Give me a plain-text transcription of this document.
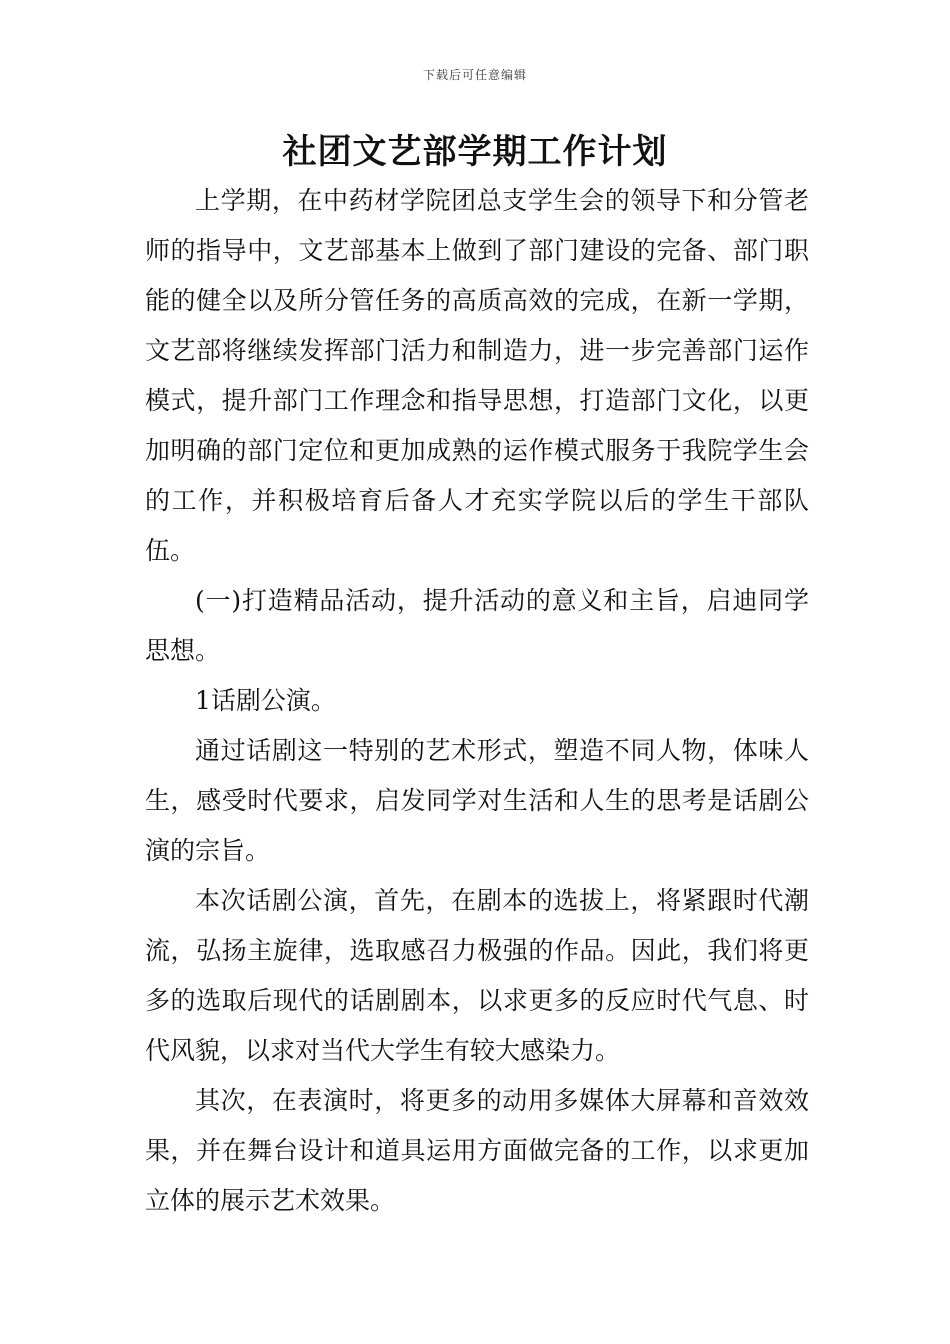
下载后可任意编辑
社团文艺部学期工作计划

上学期，在中药材学院团总支学生会的领导下和分管老师的指导中，文艺部基本上做到了部门建设的完备、部门职能的健全以及所分管任务的高质高效的完成，在新一学期，文艺部将继续发挥部门活力和制造力，进一步完善部门运作模式，提升部门工作理念和指导思想，打造部门文化，以更加明确的部门定位和更加成熟的运作模式服务于我院学生会的工作，并积极培育后备人才充实学院以后的学生干部队伍。

(一)打造精品活动，提升活动的意义和主旨，启迪同学思想。

1话剧公演。

通过话剧这一特别的艺术形式，塑造不同人物，体味人生，感受时代要求，启发同学对生活和人生的思考是话剧公演的宗旨。

本次话剧公演，首先，在剧本的选拔上，将紧跟时代潮流，弘扬主旋律，选取感召力极强的作品。因此，我们将更多的选取后现代的话剧剧本，以求更多的反应时代气息、时代风貌，以求对当代大学生有较大感染力。

其次，在表演时，将更多的动用多媒体大屏幕和音效效果，并在舞台设计和道具运用方面做完备的工作，以求更加立体的展示艺术效果。
